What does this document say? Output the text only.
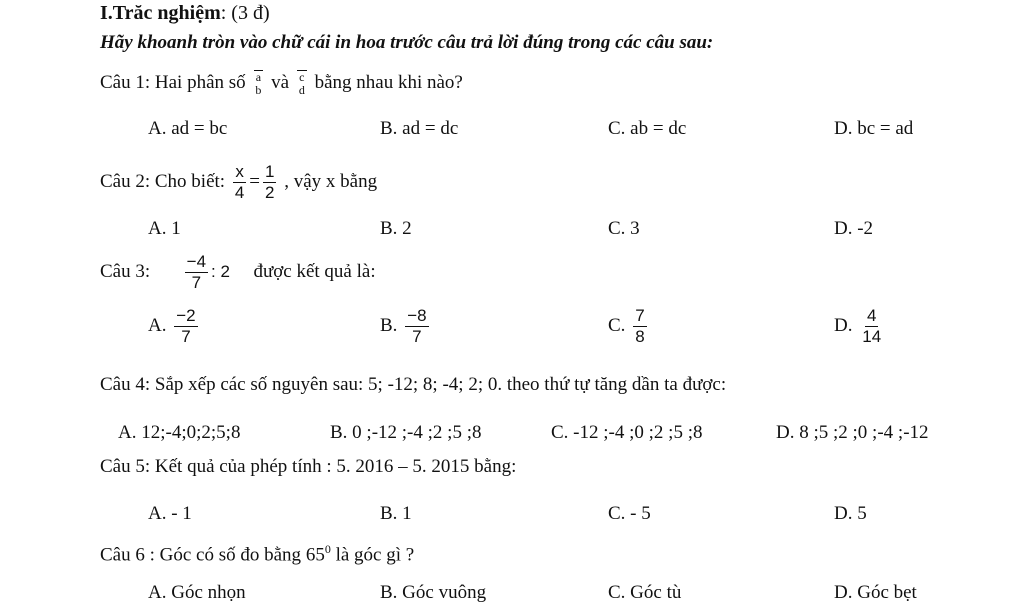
I.Trăc nghiệm: (3 đ)
Hãy khoanh tròn vào chữ cái in hoa trước câu trả lời đúng trong các câu sau:
Câu 1: Hai phân số a
b và c
d bằng nhau khi nào?
A. ad = bc	B. ad = dc	C. ab = dc	D. bc = ad
Câu 2: Cho biết: $\frac{x}{4} = \frac{1}{2}$ , vậy x bằng
A. 1	B. 2	C. 3	D. -2
Câu 3: $\frac{-4}{7}$ : 2 được kết quả là:
A. $\frac{-2}{7}$	B. $\frac{-8}{7}$	C. $\frac{7}{8}$	D. $\frac{4}{14}$
Câu 4: Sắp xếp các số nguyên sau: 5; -12; 8; -4; 2; 0. theo thứ tự tăng dần ta được:
A. 12;-4;0;2;5;8	B. 0 ;-12 ;-4 ;2 ;5 ;8	C. -12 ;-4 ;0 ;2 ;5 ;8	D. 8 ;5 ;2 ;0 ;-4 ;-12
Câu 5: Kết quả của phép tính : 5. 2016 – 5. 2015 bằng:
A. - 1	B. 1	C. - 5	D. 5
Câu 6 : Góc có số đo bằng $65^0$ là góc gì ?
A. Góc nhọn	B. Góc vuông	C. Góc tù	D. Góc bẹt
